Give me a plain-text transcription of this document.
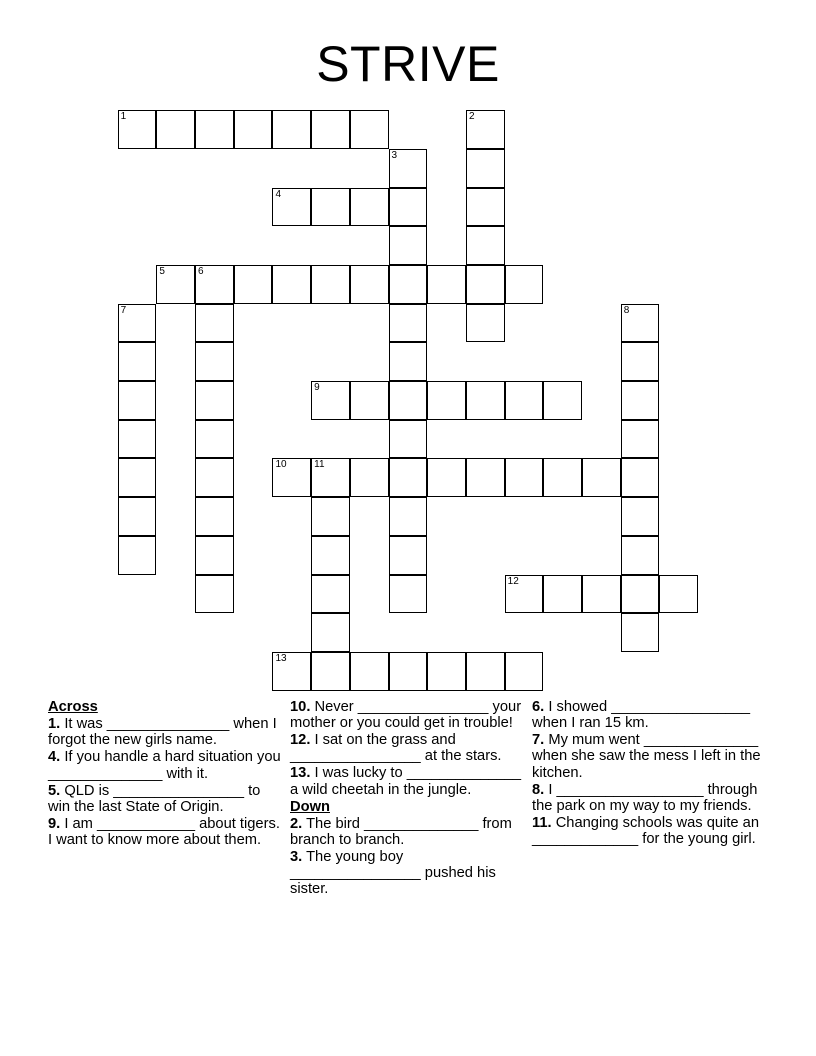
STRIVE
1	2
3
4
5	6
7	8
9
10	11
12
13
Across
1. It was _______________ when I forgot the new girls name.
4. If you handle a hard situation you ______________ with it.
5. QLD is ________________ to win the last State of Origin.
9. I am ____________ about tigers. I want to know more about them.
10. Never ________________ your mother or you could get in trouble!
12. I sat on the grass and ________________ at the stars.
13. I was lucky to ______________ a wild cheetah in the jungle.
Down
2. The bird ______________ from branch to branch.
3. The young boy ________________ pushed his sister.
6. I showed _________________ when I ran 15 km.
7. My mum went ______________ when she saw the mess I left in the kitchen.
8. I __________________ through the park on my way to my friends.
11. Changing schools was quite an _____________ for the young girl.
